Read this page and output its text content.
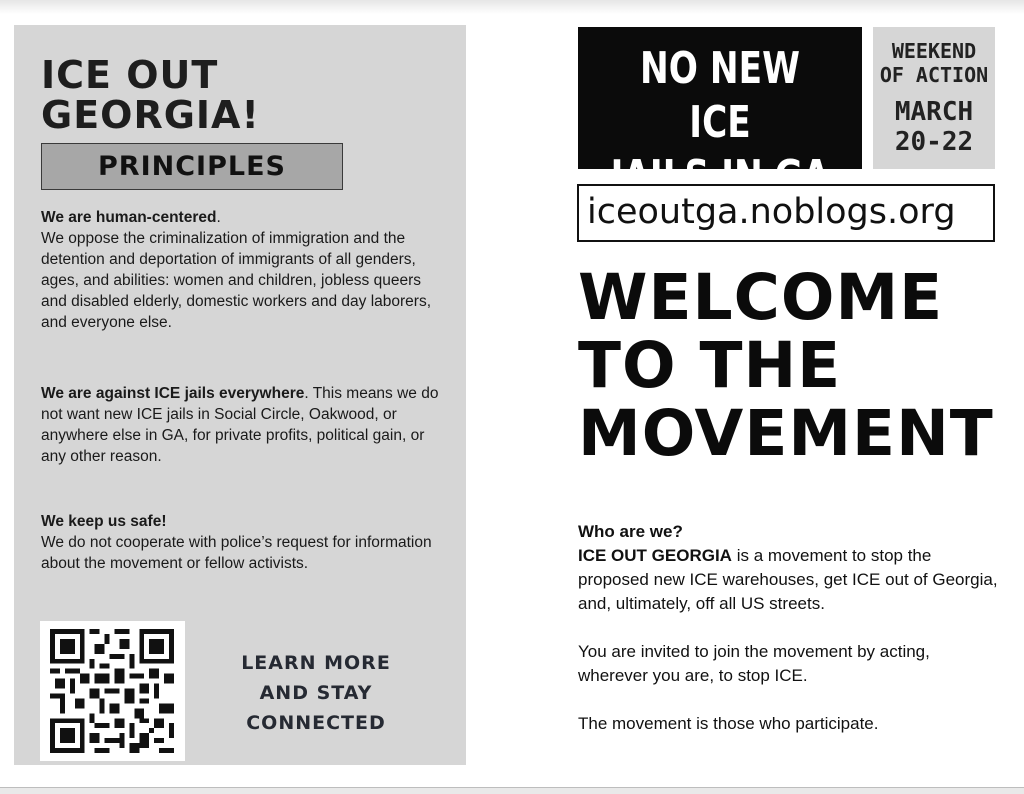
ICE OUT
GEORGIA!
PRINCIPLES
We are human-centered.
We oppose the criminalization of immigration and the detention and deportation of immigrants of all genders, ages, and abilities: women and children, jobless queers and disabled elderly, domestic workers and day laborers, and everyone else.
We are against ICE jails everywhere. This means we do not want new ICE jails in Social Circle, Oakwood, or anywhere else in GA, for private profits, political gain, or any other reason.
We keep us safe!
We do not cooperate with police’s request for information about the movement or fellow activists.
LEARN MORE
AND STAY
CONNECTED
NO NEW ICE
JAILS IN GA
WEEKEND
OF ACTION
MARCH
20-22
iceoutga.noblogs.org
WELCOME
TO THE
MOVEMENT

Who are we?

ICE OUT GEORGIA is a movement to stop the proposed new ICE warehouses, get ICE out of Georgia, and, ultimately, off all US streets.

You are invited to join the movement by acting, wherever you are, to stop ICE.

The movement is those who participate.
